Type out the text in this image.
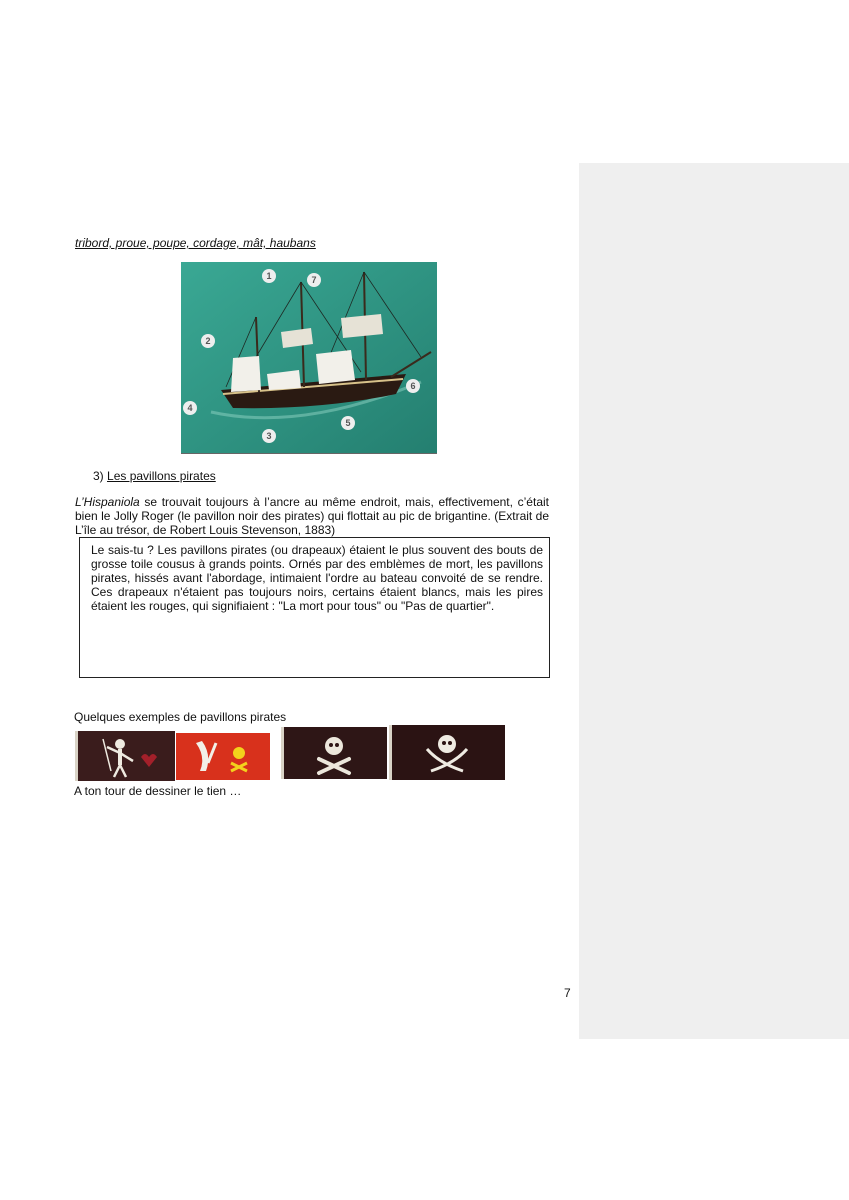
tribord, proue, poupe, cordage, mât, haubans
1	7
2
6
4
5
3
3) Les pavillons pirates
L’Hispaniola se trouvait toujours à l’ancre au même endroit, mais, effectivement, c’était bien le Jolly Roger (le pavillon noir des pirates) qui flottait au pic de brigantine. (Extrait de L’île au trésor, de Robert Louis Stevenson, 1883)
Le sais-tu ? Les pavillons pirates (ou drapeaux) étaient le plus souvent des bouts de grosse toile cousus à grands points. Ornés par des emblèmes de mort, les pavillons pirates, hissés avant l'abordage, intimaient l'ordre au bateau convoité de se rendre. Ces drapeaux n'étaient pas toujours noirs, certains étaient blancs, mais les pires étaient les rouges, qui signifiaient : "La mort pour tous" ou "Pas de quartier".
Quelques exemples de pavillons pirates
A ton tour de dessiner le tien …
7
